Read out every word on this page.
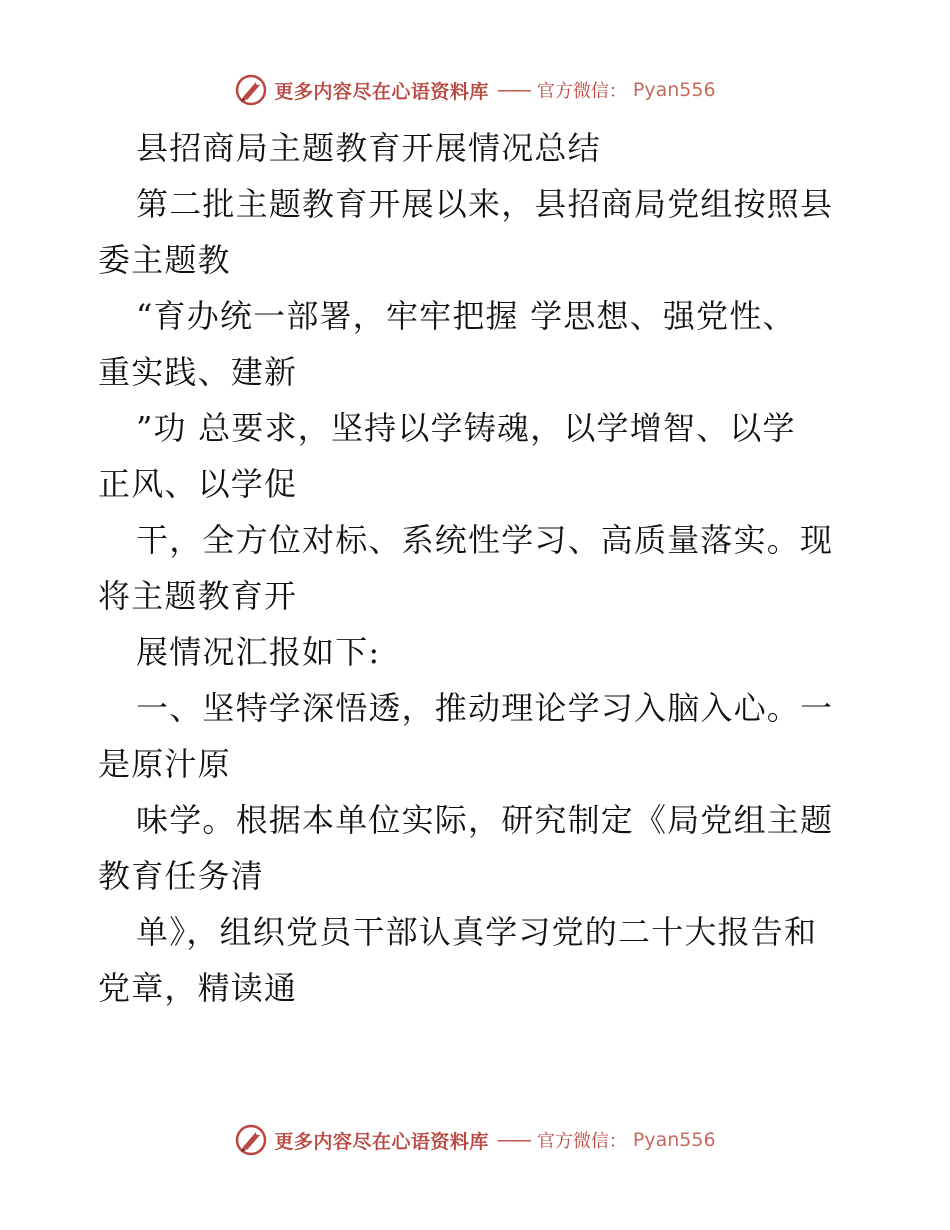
更多内容尽在心语资料库 —— 官方微信： Pyan556

县招商局主题教育开展情况总结

第二批主题教育开展以来，县招商局党组按照县

委主题教

“育办统一部署，牢牢把握 学思想、强党性、

重实践、建新

”功 总要求，坚持以学铸魂，以学增智、以学

正风、以学促

干，全方位对标、系统性学习、高质量落实。现

将主题教育开

展情况汇报如下:

一、坚特学深悟透，推动理论学习入脑入心。一

是原汁原

味学。根据本单位实际，研究制定《局党组主题

教育任务清

单》，组织党员干部认真学习党的二十大报告和

党章，精读通

更多内容尽在心语资料库 —— 官方微信： Pyan556
